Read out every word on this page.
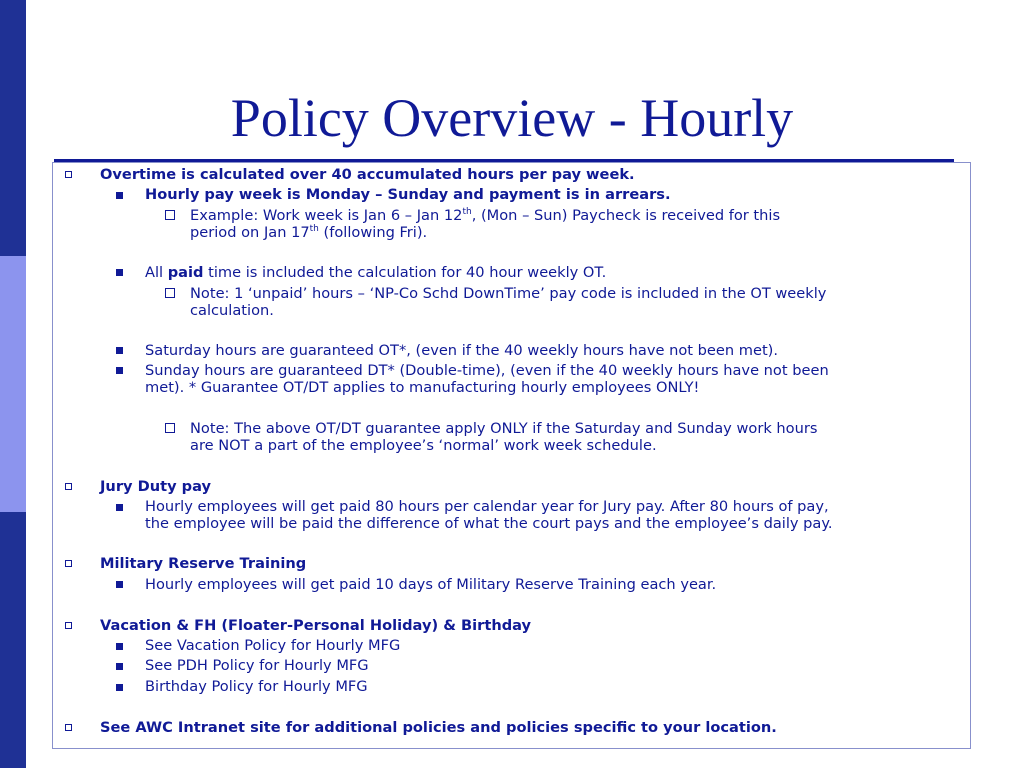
Policy Overview - Hourly
Overtime is calculated over 40 accumulated hours per pay week.
Hourly pay week is Monday – Sunday and payment is in arrears.
Example: Work week is Jan 6 – Jan 12th, (Mon – Sun) Paycheck is received for this
period on Jan 17th (following Fri).
All paid time is included the calculation for 40 hour weekly OT.
Note: 1 ‘unpaid’ hours – ‘NP-Co Schd DownTime’ pay code is included in the OT weekly
calculation.
Saturday hours are guaranteed OT*, (even if the 40 weekly hours have not been met).
Sunday hours are guaranteed DT* (Double-time), (even if the 40 weekly hours have not been
met). * Guarantee OT/DT applies to manufacturing hourly employees ONLY!
Note: The above OT/DT guarantee apply ONLY if the Saturday and Sunday work hours
are NOT a part of the employee’s ‘normal’ work week schedule.
Jury Duty pay
Hourly employees will get paid 80 hours per calendar year for Jury pay. After 80 hours of pay,
the employee will be paid the difference of what the court pays and the employee’s daily pay.
Military Reserve Training
Hourly employees will get paid 10 days of Military Reserve Training each year.
Vacation & FH (Floater-Personal Holiday) & Birthday
See Vacation Policy for Hourly MFG
See PDH Policy for Hourly MFG
Birthday Policy for Hourly MFG
See AWC Intranet site for additional policies and policies specific to your location.
